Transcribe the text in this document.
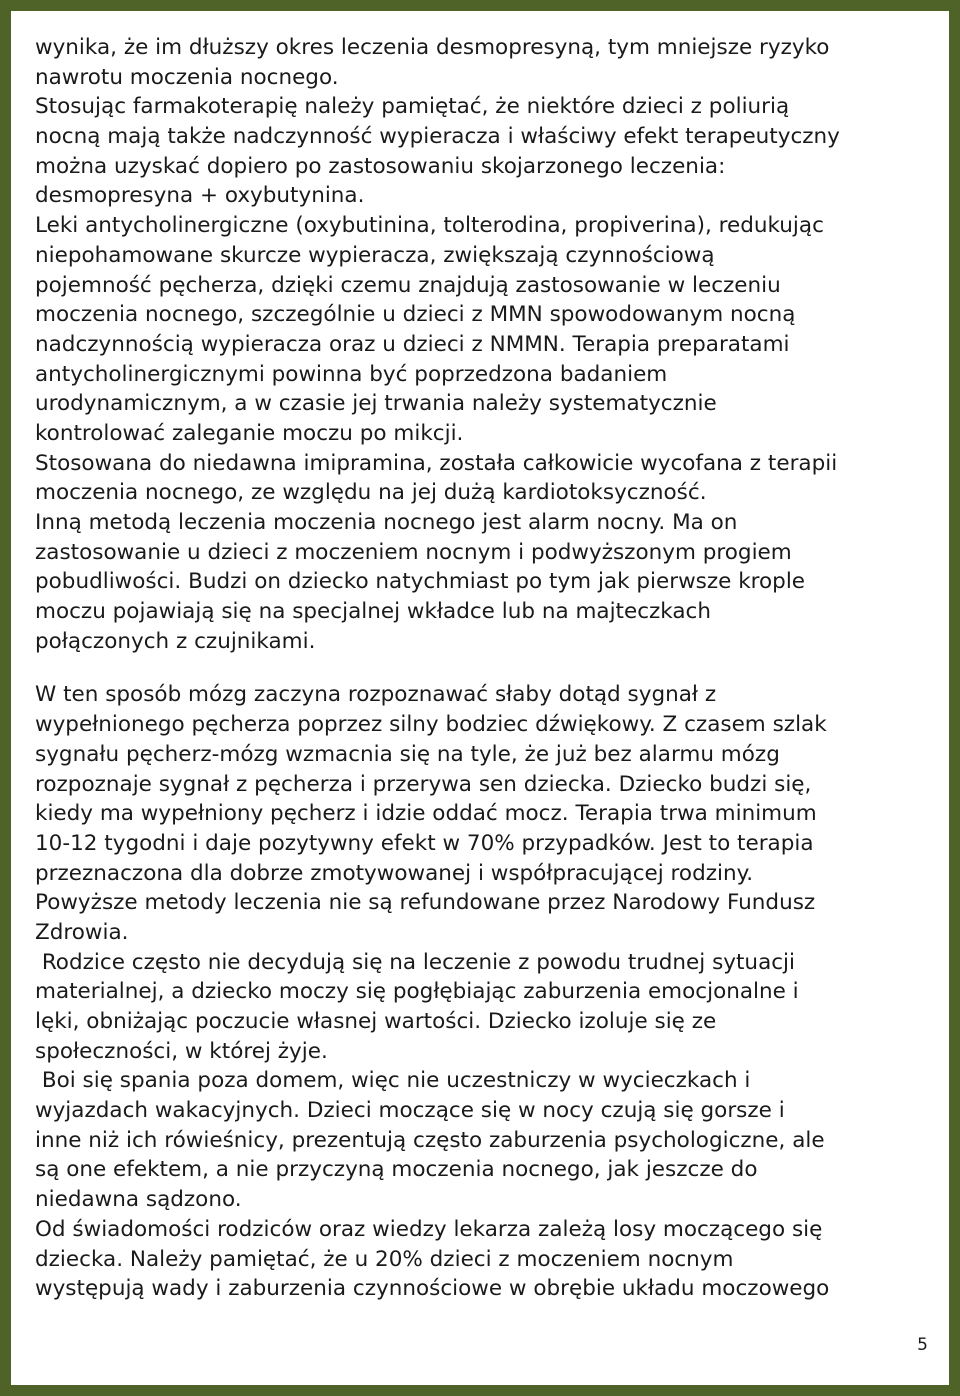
wynika, że im dłuższy okres leczenia desmopresyną, tym mniejsze ryzyko
nawrotu moczenia nocnego.
Stosując farmakoterapię należy pamiętać, że niektóre dzieci z poliurią
nocną mają także nadczynność wypieracza i właściwy efekt terapeutyczny
można uzyskać dopiero po zastosowaniu skojarzonego leczenia:
desmopresyna + oxybutynina.
Leki antycholinergiczne (oxybutinina, tolterodina, propiverina), redukując
niepohamowane skurcze wypieracza, zwiększają czynnościową
pojemność pęcherza, dzięki czemu znajdują zastosowanie w leczeniu
moczenia nocnego, szczególnie u dzieci z MMN spowodowanym nocną
nadczynnością wypieracza oraz u dzieci z NMMN. Terapia preparatami
antycholinergicznymi powinna być poprzedzona badaniem
urodynamicznym, a w czasie jej trwania należy systematycznie
kontrolować zaleganie moczu po mikcji.
Stosowana do niedawna imipramina, została całkowicie wycofana z terapii
moczenia nocnego, ze względu na jej dużą kardiotoksyczność.
Inną metodą leczenia moczenia nocnego jest alarm nocny. Ma on
zastosowanie u dzieci z moczeniem nocnym i podwyższonym progiem
pobudliwości. Budzi on dziecko natychmiast po tym jak pierwsze krople
moczu pojawiają się na specjalnej wkładce lub na majteczkach
połączonych z czujnikami.
W ten sposób mózg zaczyna rozpoznawać słaby dotąd sygnał z
wypełnionego pęcherza poprzez silny bodziec dźwiękowy. Z czasem szlak
sygnału pęcherz-mózg wzmacnia się na tyle, że już bez alarmu mózg
rozpoznaje sygnał z pęcherza i przerywa sen dziecka. Dziecko budzi się,
kiedy ma wypełniony pęcherz i idzie oddać mocz. Terapia trwa minimum
10-12 tygodni i daje pozytywny efekt w 70% przypadków. Jest to terapia
przeznaczona dla dobrze zmotywowanej i współpracującej rodziny.
Powyższe metody leczenia nie są refundowane przez Narodowy Fundusz
Zdrowia.
Rodzice często nie decydują się na leczenie z powodu trudnej sytuacji
materialnej, a dziecko moczy się pogłębiając zaburzenia emocjonalne i
lęki, obniżając poczucie własnej wartości. Dziecko izoluje się ze
społeczności, w której żyje.
Boi się spania poza domem, więc nie uczestniczy w wycieczkach i
wyjazdach wakacyjnych. Dzieci moczące się w nocy czują się gorsze i
inne niż ich rówieśnicy, prezentują często zaburzenia psychologiczne, ale
są one efektem, a nie przyczyną moczenia nocnego, jak jeszcze do
niedawna sądzono.
Od świadomości rodziców oraz wiedzy lekarza zależą losy moczącego się
dziecka. Należy pamiętać, że u 20% dzieci z moczeniem nocnym
występują wady i zaburzenia czynnościowe w obrębie układu moczowego
5
